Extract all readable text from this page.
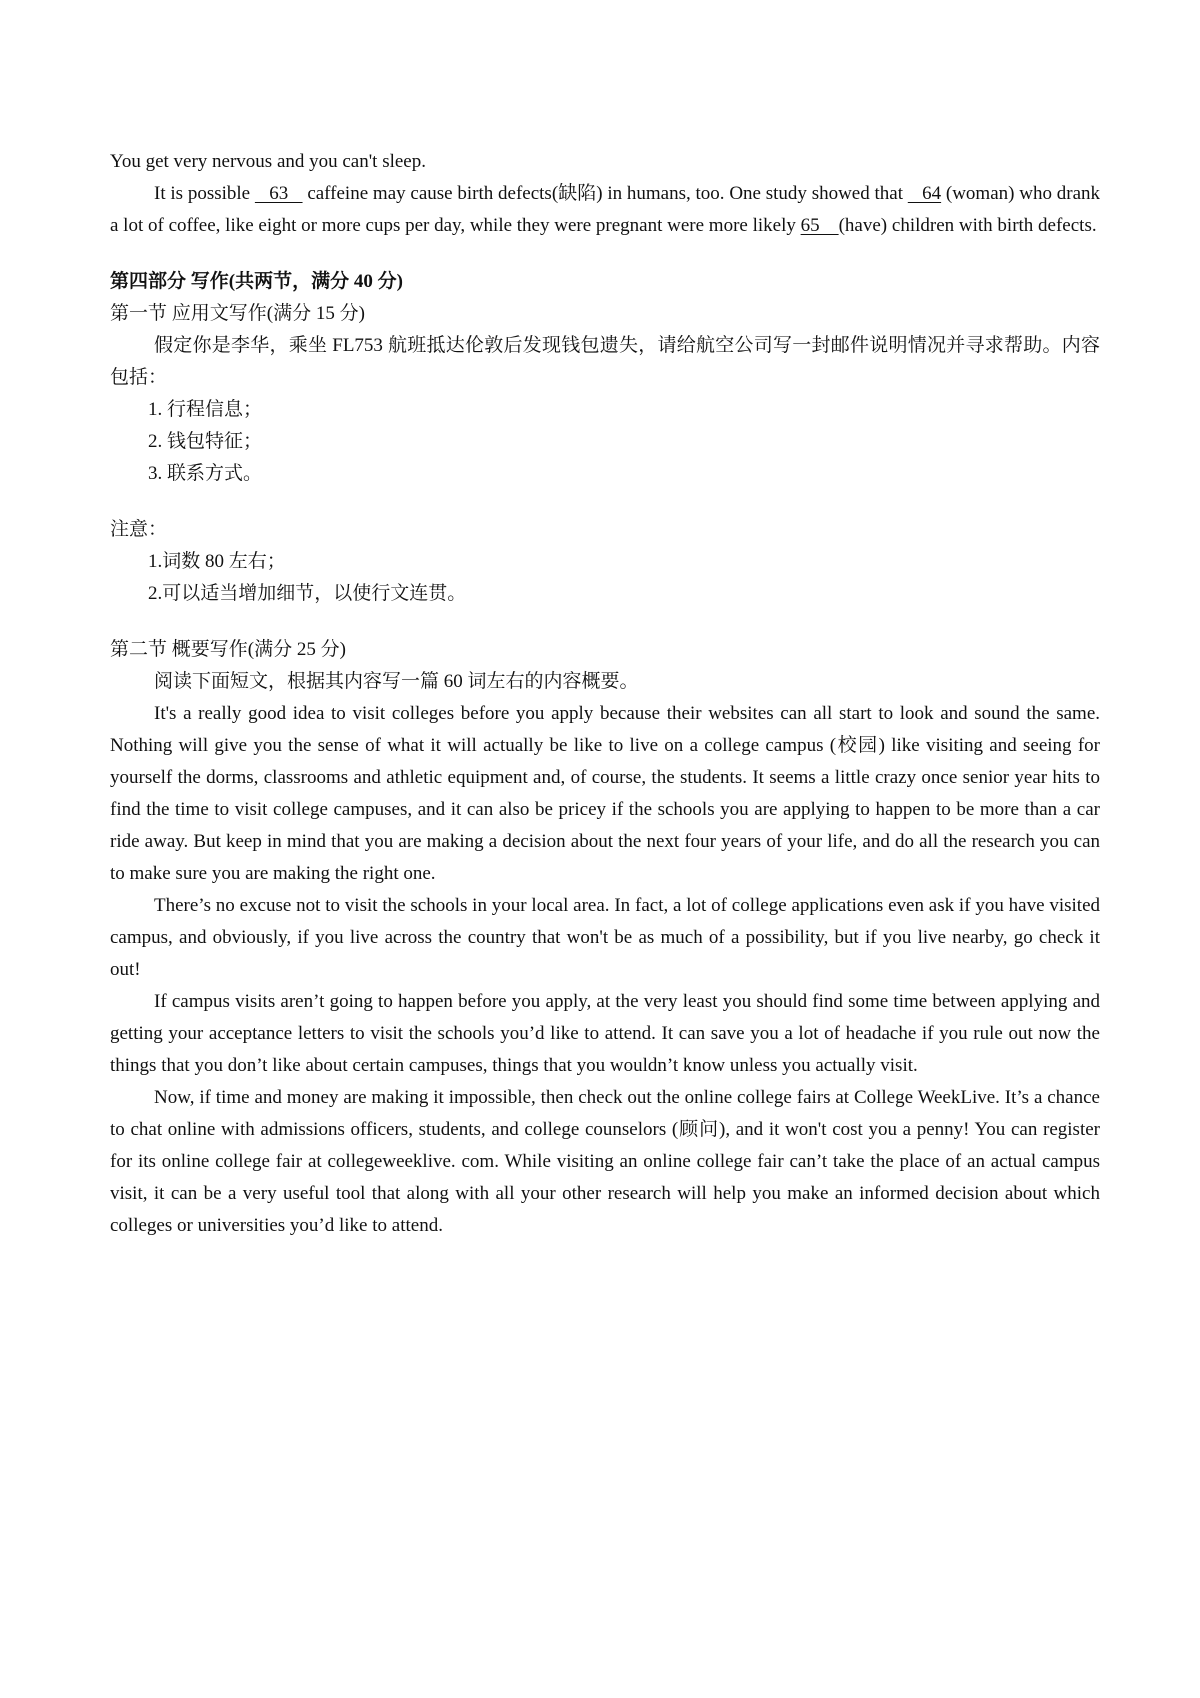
You get very nervous and you can't sleep.

It is possible    63    caffeine may cause birth defects(缺陷) in humans, too. One study showed that    64 (woman) who drank a lot of coffee, like eight or more cups per day, while they were pregnant were more likely 65    (have) children with birth defects.

第四部分 写作(共两节，满分 40 分)

第一节 应用文写作(满分 15 分)

假定你是李华，乘坐 FL753 航班抵达伦敦后发现钱包遗失，请给航空公司写一封邮件说明情况并寻求帮助。内容包括：

1. 行程信息；

2. 钱包特征；

3. 联系方式。

注意：

1.词数 80 左右；

2.可以适当增加细节，以使行文连贯。

第二节 概要写作(满分 25 分)

阅读下面短文，根据其内容写一篇 60 词左右的内容概要。

It's a really good idea to visit colleges before you apply because their websites can all start to look and sound the same. Nothing will give you the sense of what it will actually be like to live on a college campus (校园) like visiting and seeing for yourself the dorms, classrooms and athletic equipment and, of course, the students. It seems a little crazy once senior year hits to find the time to visit college campuses, and it can also be pricey if the schools you are applying to happen to be more than a car ride away. But keep in mind that you are making a decision about the next four years of your life, and do all the research you can to make sure you are making the right one.

There’s no excuse not to visit the schools in your local area. In fact, a lot of college applications even ask if you have visited campus, and obviously, if you live across the country that won't be as much of a possibility, but if you live nearby, go check it out!

If campus visits aren’t going to happen before you apply, at the very least you should find some time between applying and getting your acceptance letters to visit the schools you’d like to attend. It can save you a lot of headache if you rule out now the things that you don’t like about certain campuses, things that you wouldn’t know unless you actually visit.

Now, if time and money are making it impossible, then check out the online college fairs at College WeekLive. It’s a chance to chat online with admissions officers, students, and college counselors (顾问), and it won't cost you a penny! You can register for its online college fair at collegeweeklive. com. While visiting an online college fair can’t take the place of an actual campus visit, it can be a very useful tool that along with all your other research will help you make an informed decision about which colleges or universities you’d like to attend.
